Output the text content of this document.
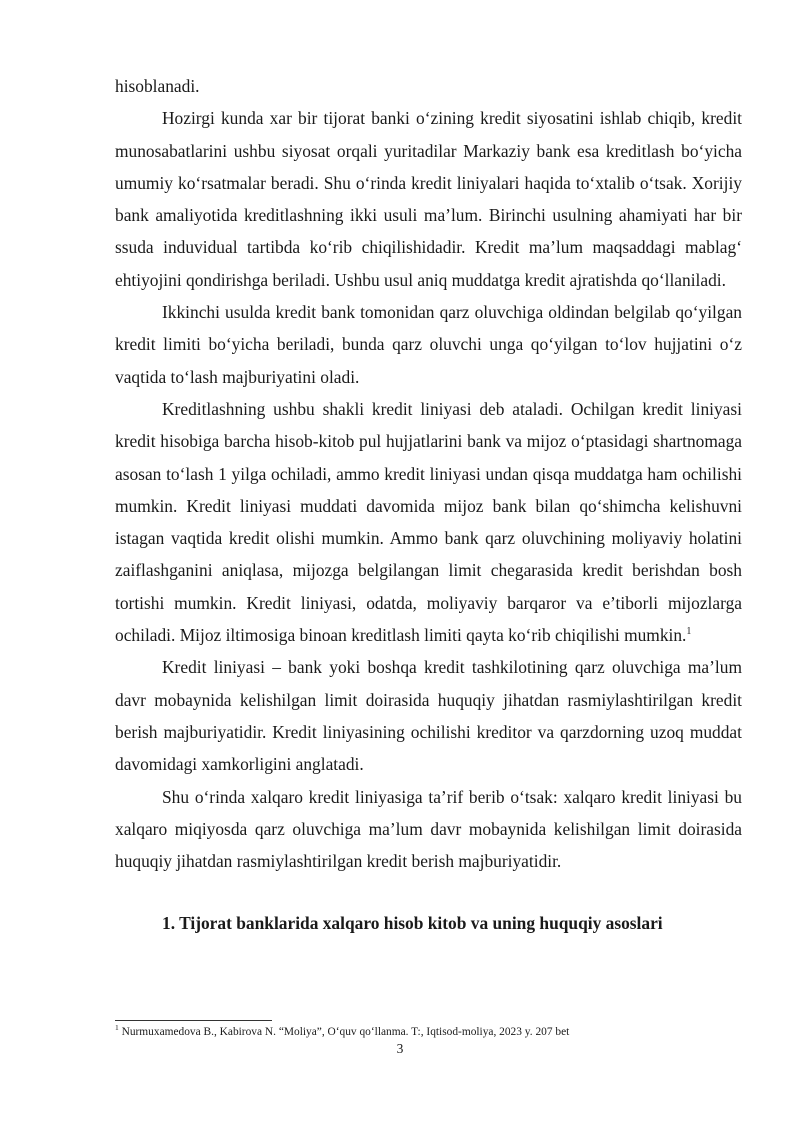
hisoblanadi.

Hozirgi kunda xar bir tijorat banki o‘zining kredit siyosatini ishlab chiqib, kredit munosabatlarini ushbu siyosat orqali yuritadilar Markaziy bank esa kreditlash bo‘yicha umumiy ko‘rsatmalar beradi. Shu o‘rinda kredit liniyalari haqida to‘xtalib o‘tsak. Xorijiy bank amaliyotida kreditlashning ikki usuli ma’lum. Birinchi usulning ahamiyati har bir ssuda induvidual tartibda ko‘rib chiqilishidadir. Kredit ma’lum maqsaddagi mablag‘ ehtiyojini qondirishga beriladi. Ushbu usul aniq muddatga kredit ajratishda qo‘llaniladi.

Ikkinchi usulda kredit bank tomonidan qarz oluvchiga oldindan belgilab qo‘yilgan kredit limiti bo‘yicha beriladi, bunda qarz oluvchi unga qo‘yilgan to‘lov hujjatini o‘z vaqtida to‘lash majburiyatini oladi.

Kreditlashning ushbu shakli kredit liniyasi deb ataladi. Ochilgan kredit liniyasi kredit hisobiga barcha hisob-kitob pul hujjatlarini bank va mijoz o‘ptasidagi shartnomaga asosan to‘lash 1 yilga ochiladi, ammo kredit liniyasi undan qisqa muddatga ham ochilishi mumkin. Kredit liniyasi muddati davomida mijoz bank bilan qo‘shimcha kelishuvni istagan vaqtida kredit olishi mumkin. Ammo bank qarz oluvchining moliyaviy holatini zaiflashganini aniqlasa, mijozga belgilangan limit chegarasida kredit berishdan bosh tortishi mumkin. Kredit liniyasi, odatda, moliyaviy barqaror va e’tiborli mijozlarga ochiladi. Mijoz iltimosiga binoan kreditlash limiti qayta ko‘rib chiqilishi mumkin.$^1$

Kredit liniyasi – bank yoki boshqa kredit tashkilotining qarz oluvchiga ma’lum davr mobaynida kelishilgan limit doirasida huquqiy jihatdan rasmiylashtirilgan kredit berish majburiyatidir. Kredit liniyasining ochilishi kreditor va qarzdorning uzoq muddat davomidagi xamkorligini anglatadi.

Shu o‘rinda xalqaro kredit liniyasiga ta’rif berib o‘tsak: xalqaro kredit liniyasi bu xalqaro miqiyosda qarz oluvchiga ma’lum davr mobaynida kelishilgan limit doirasida huquqiy jihatdan rasmiylashtirilgan kredit berish majburiyatidir.

1. Tijorat banklarida xalqaro hisob kitob va uning huquqiy asoslari

$^1$ Nurmuxamedova B., Kabirova N. “Moliya”, O‘quv qo‘llanma. T:, Iqtisod-moliya, 2023 y. 207 bet
3
